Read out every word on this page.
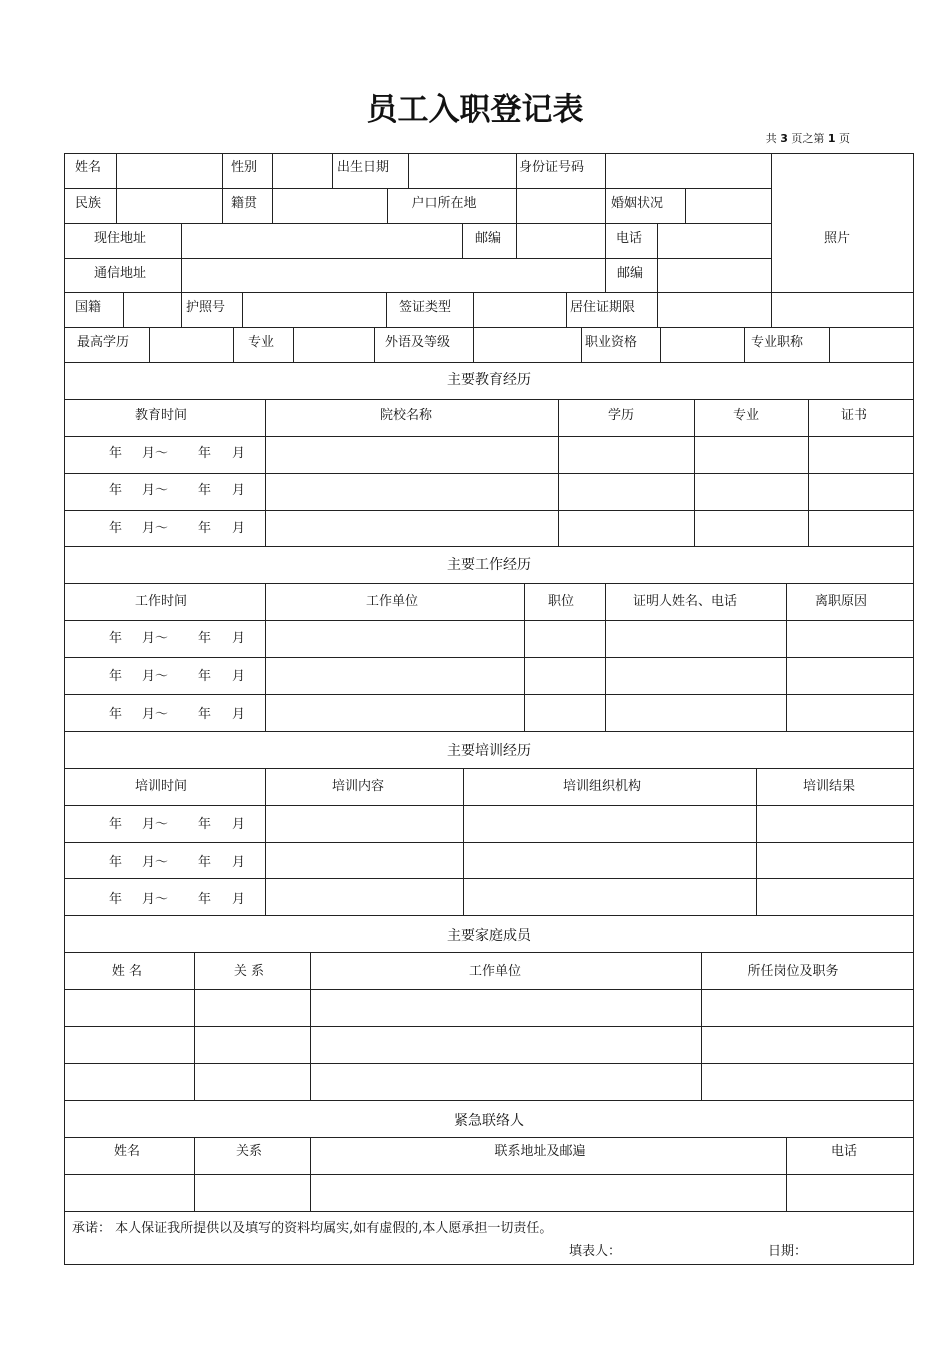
员工入职登记表
共 3 页之第 1 页
姓名	性别	出生日期	身份证号码
民族	籍贯	户口所在地	婚姻状况
现住地址	邮编	电话	照片
通信地址	邮编
国籍	护照号	签证类型	居住证期限
最高学历	专业	外语及等级	职业资格	专业职称
主要教育经历
教育时间	院校名称	学历	专业	证书
年 月～ 年 月
年 月～ 年 月
年 月～ 年 月
主要工作经历
工作时间	工作单位	职位	证明人姓名、电话	离职原因
年 月～ 年 月
年 月～ 年 月
年 月～ 年 月
主要培训经历
培训时间	培训内容	培训组织机构	培训结果
年 月～ 年 月
年 月～ 年 月
年 月～ 年 月
主要家庭成员
姓 名	关 系	工作单位	所任岗位及职务
紧急联络人
姓名	关系	联系地址及邮遍	电话
承诺： 本人保证我所提供以及填写的资料均属实,如有虚假的,本人愿承担一切责任。
填表人：	日期：
